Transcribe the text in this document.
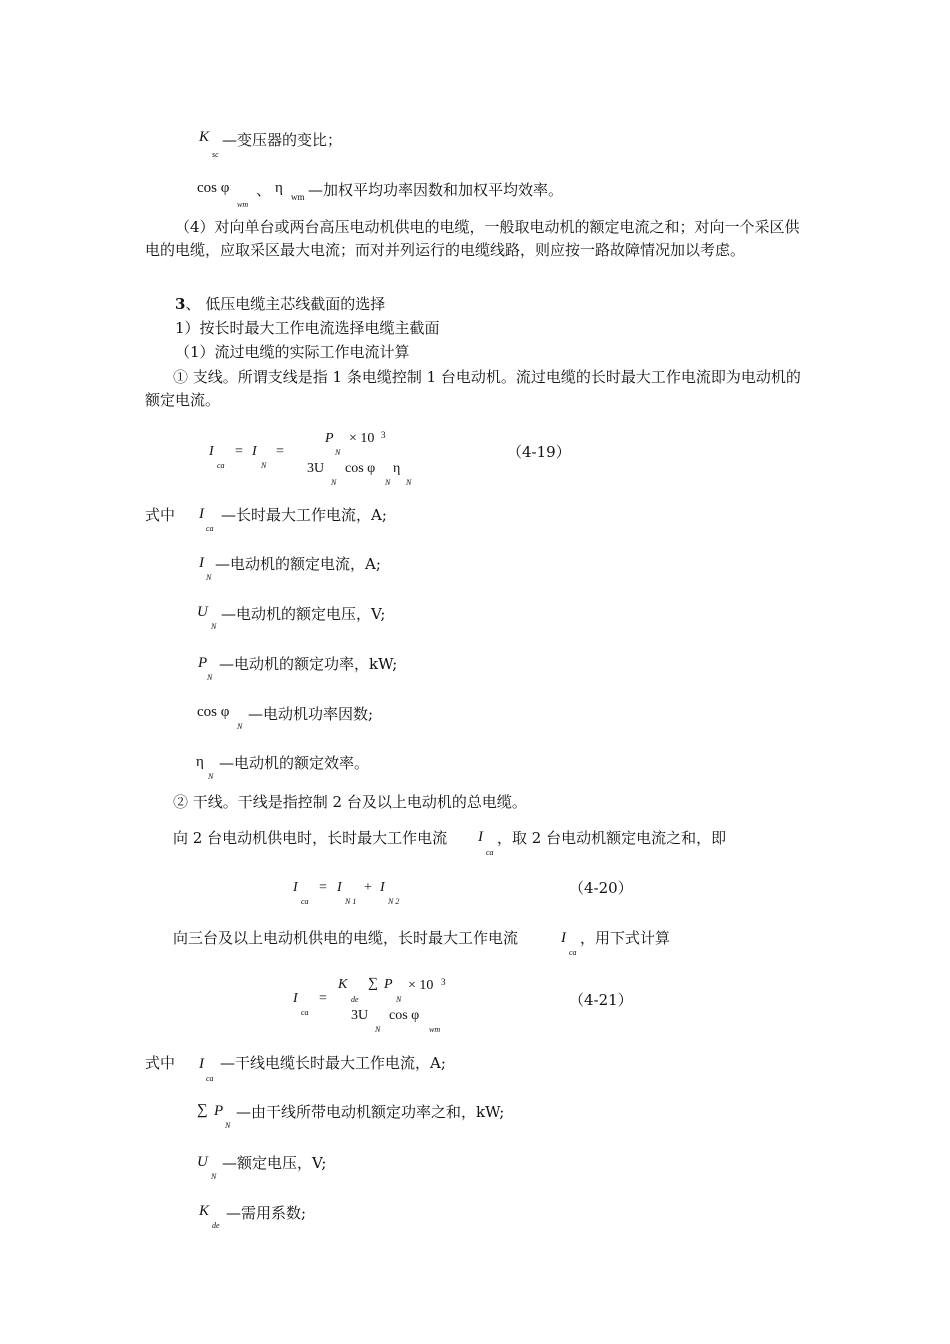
K
sc
—变压器的变比；
cos φ
wm
、 η
wm —加权平均功率因数和加权平均效率。
（4）对向单台或两台高压电动机供电的电缆，一般取电动机的额定电流之和；对向一个采区供电的电缆，应取采区最大电流；而对并列运行的电缆线路，则应按一路故障情况加以考虑。
3、 低压电缆主芯线截面的选择
1）按长时最大工作电流选择电缆主截面
（1）流过电缆的实际工作电流计算
① 支线。所谓支线是指 1 条电缆控制 1 台电动机。流过电缆的长时最大工作电流即为电动机的额定电流。
I
ca
= I
N
=
P
N
× 10 3
3U
N
cos φ
N
η
N
（4-19）
式中 I
ca
—长时最大工作电流，A;
I
N
—电动机的额定电流，A;
U
N
—电动机的额定电压，V;
P
N
—电动机的额定功率，kW;
cos φ
N
—电动机功率因数;
η
N
—电动机的额定效率。
② 干线。干线是指控制 2 台及以上电动机的总电缆。
向 2 台电动机供电时，长时最大工作电流 I
ca
，取 2 台电动机额定电流之和，即
I
ca
= I
N 1
+ I
N 2
（4-20）
向三台及以上电动机供电的电缆，长时最大工作电流	I
ca
，用下式计算
I
ca
=
K
de
∑ P
N
× 10 3
3U
N
cos φ
wm
（4-21）
式中 I
ca
—干线电缆长时最大工作电流，A;
∑ P
N
—由干线所带电动机额定功率之和，kW;
U
N
—额定电压，V;
K
de
—需用系数;
